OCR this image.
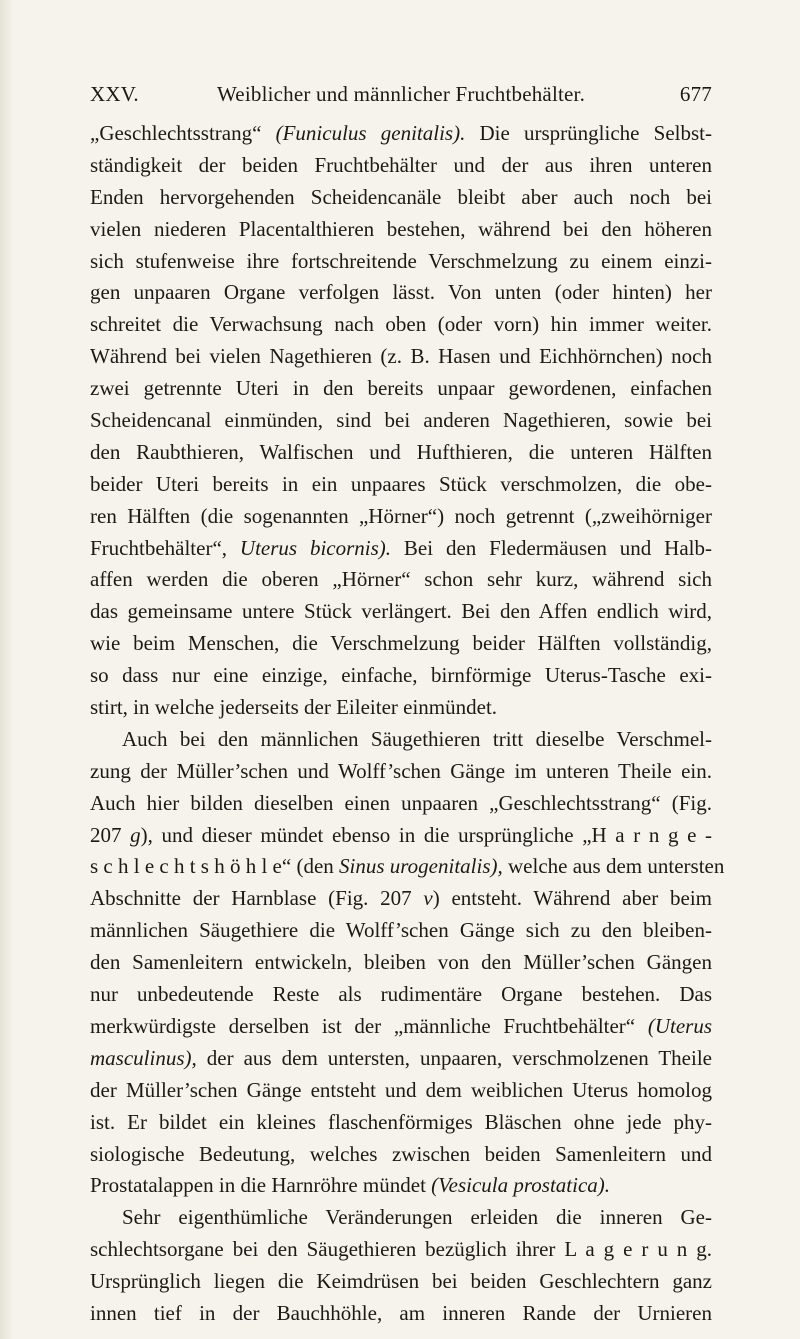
XXV.	Weiblicher und männlicher Fruchtbehälter.	677
„Geschlechtsstrang“ (Funiculus genitalis). Die ursprüngliche Selbst-
ständigkeit der beiden Fruchtbehälter und der aus ihren unteren
Enden hervorgehenden Scheidencanäle bleibt aber auch noch bei
vielen niederen Placentalthieren bestehen, während bei den höheren
sich stufenweise ihre fortschreitende Verschmelzung zu einem einzi-
gen unpaaren Organe verfolgen lässt. Von unten (oder hinten) her
schreitet die Verwachsung nach oben (oder vorn) hin immer weiter.
Während bei vielen Nagethieren (z. B. Hasen und Eichhörnchen) noch
zwei getrennte Uteri in den bereits unpaar gewordenen, einfachen
Scheidencanal einmünden, sind bei anderen Nagethieren, sowie bei
den Raubthieren, Walfischen und Hufthieren, die unteren Hälften
beider Uteri bereits in ein unpaares Stück verschmolzen, die obe-
ren Hälften (die sogenannten „Hörner“) noch getrennt („zweihörniger
Fruchtbehälter“, Uterus bicornis). Bei den Fledermäusen und Halb-
affen werden die oberen „Hörner“ schon sehr kurz, während sich
das gemeinsame untere Stück verlängert. Bei den Affen endlich wird,
wie beim Menschen, die Verschmelzung beider Hälften vollständig,
so dass nur eine einzige, einfache, birnförmige Uterus-Tasche exi-
stirt, in welche jederseits der Eileiter einmündet.
Auch bei den männlichen Säugethieren tritt dieselbe Verschmel-
zung der Müller’schen und Wolff’schen Gänge im unteren Theile ein.
Auch hier bilden dieselben einen unpaaren „Geschlechtsstrang“ (Fig.
207 g), und dieser mündet ebenso in die ursprüngliche „H a r n g e -
s c h l e c h t s h ö h l e“ (den Sinus urogenitalis), welche aus dem untersten
Abschnitte der Harnblase (Fig. 207 v) entsteht. Während aber beim
männlichen Säugethiere die Wolff’schen Gänge sich zu den bleiben-
den Samenleitern entwickeln, bleiben von den Müller’schen Gängen
nur unbedeutende Reste als rudimentäre Organe bestehen. Das
merkwürdigste derselben ist der „männliche Fruchtbehälter“ (Uterus
masculinus), der aus dem untersten, unpaaren, verschmolzenen Theile
der Müller’schen Gänge entsteht und dem weiblichen Uterus homolog
ist. Er bildet ein kleines flaschenförmiges Bläschen ohne jede phy-
siologische Bedeutung, welches zwischen beiden Samenleitern und
Prostatalappen in die Harnröhre mündet (Vesicula prostatica).
Sehr eigenthümliche Veränderungen erleiden die inneren Ge-
schlechtsorgane bei den Säugethieren bezüglich ihrer L a g e r u n g.
Ursprünglich liegen die Keimdrüsen bei beiden Geschlechtern ganz
innen tief in der Bauchhöhle, am inneren Rande der Urnieren
